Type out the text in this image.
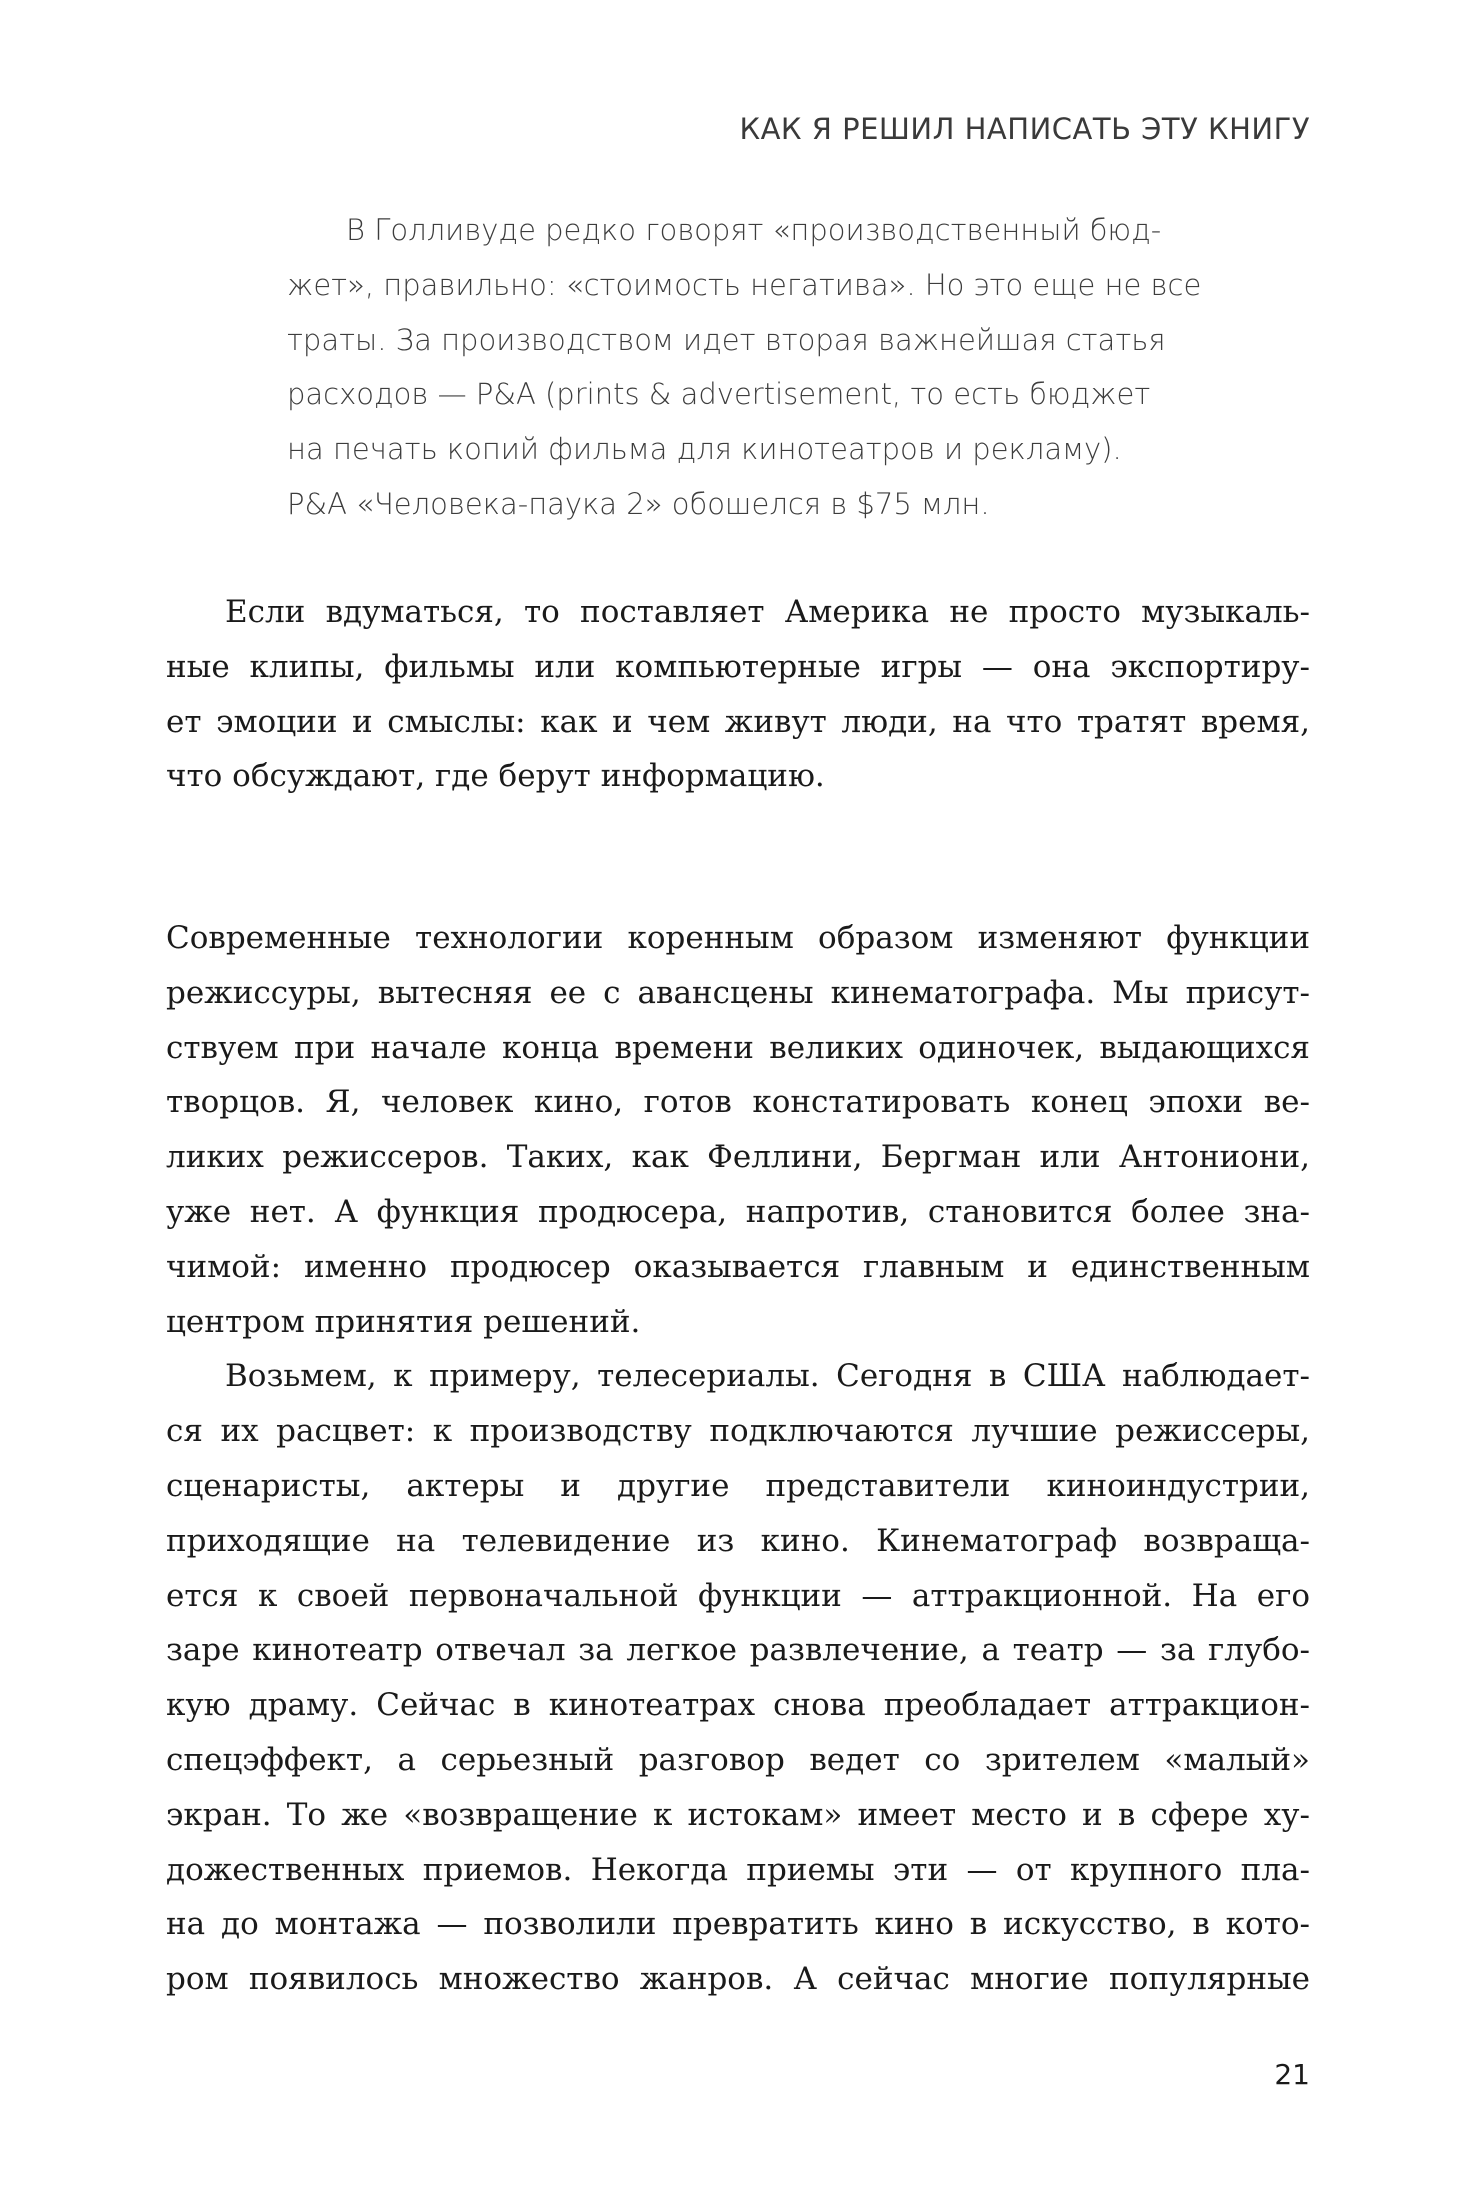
КАК Я РЕШИЛ НАПИСАТЬ ЭТУ КНИГУ
В Голливуде редко говорят «производственный бюд-
жет», правильно: «стоимость негатива». Но это еще не все
траты. За производством идет вторая важнейшая статья
расходов — P&A (prints & advertisement, то есть бюджет
на печать копий фильма для кинотеатров и рекламу).
P&A «Человека-паука 2» обошелся в $75 млн.
Если вдуматься, то поставляет Америка не просто музыкаль-
ные клипы, фильмы или компьютерные игры — она экспортиру-
ет эмоции и смыслы: как и чем живут люди, на что тратят время,
что обсуждают, где берут информацию.
Современные технологии коренным образом изменяют функции
режиссуры, вытесняя ее с авансцены кинематографа. Мы присут-
ствуем при начале конца времени великих одиночек, выдающихся
творцов. Я, человек кино, готов констатировать конец эпохи ве-
ликих режиссеров. Таких, как Феллини, Бергман или Антониони,
уже нет. А функция продюсера, напротив, становится более зна-
чимой: именно продюсер оказывается главным и единственным
центром принятия решений.
Возьмем, к примеру, телесериалы. Сегодня в США наблюдает-
ся их расцвет: к производству подключаются лучшие режиссеры,
сценаристы, актеры и другие представители киноиндустрии,
приходящие на телевидение из кино. Кинематограф возвраща-
ется к своей первоначальной функции — аттракционной. На его
заре кинотеатр отвечал за легкое развлечение, а театр — за глубо-
кую драму. Сейчас в кинотеатрах снова преобладает аттракцион-
спецэффект, а серьезный разговор ведет со зрителем «малый»
экран. То же «возвращение к истокам» имеет место и в сфере ху-
дожественных приемов. Некогда приемы эти — от крупного пла-
на до монтажа — позволили превратить кино в искусство, в кото-
ром появилось множество жанров. А сейчас многие популярные
21
